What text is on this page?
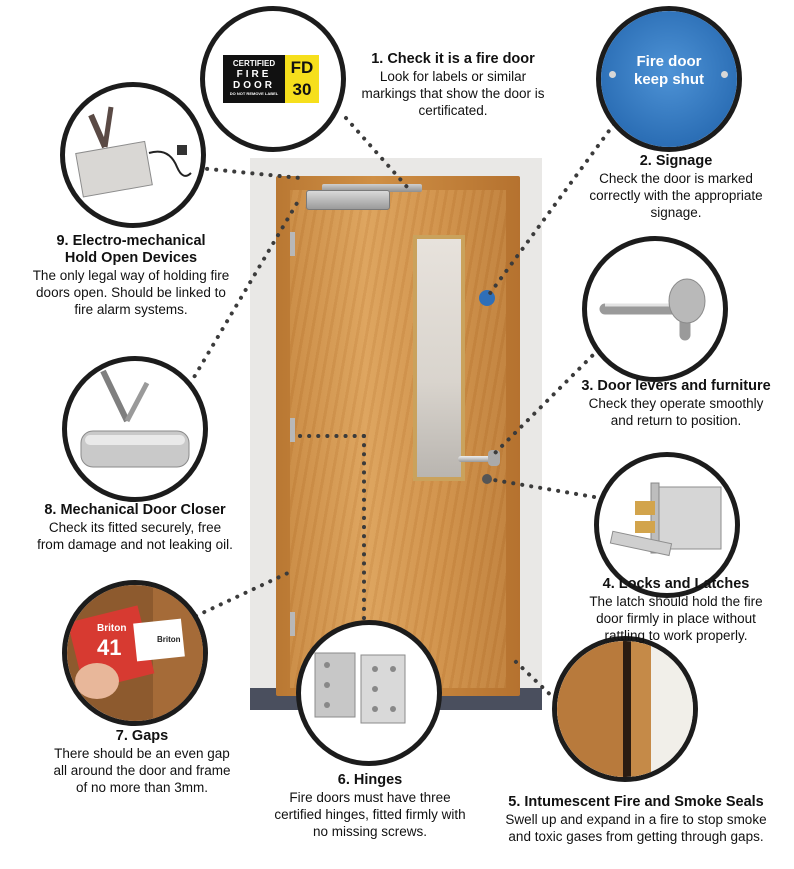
CERTIFIED
FIRE
DOOR
DO NOT REMOVE LABEL
FD
30
Fire door
keep shut
Briton
41	Briton
1. Check it is a fire door
Look for labels or similar
markings that show the door is
certificated.
2. Signage
Check the door is marked
correctly with the appropriate
signage.
3. Door levers and furniture
Check they operate smoothly
and return to position.
4. Locks and Latches
The latch should hold the fire
door firmly in place without
rattling to work properly.
5. Intumescent Fire and Smoke Seals
Swell up and expand in a fire to stop smoke
and toxic gases from getting through gaps.
6. Hinges
Fire doors must have three
certified hinges, fitted firmly with
no missing screws.
7. Gaps
There should be an even gap
all around the door and frame
of no more than 3mm.
8. Mechanical Door Closer
Check its fitted securely, free
from damage and not leaking oil.
9. Electro-mechanical
Hold Open Devices
The only legal way of holding fire
doors open. Should be linked to
fire alarm systems.
